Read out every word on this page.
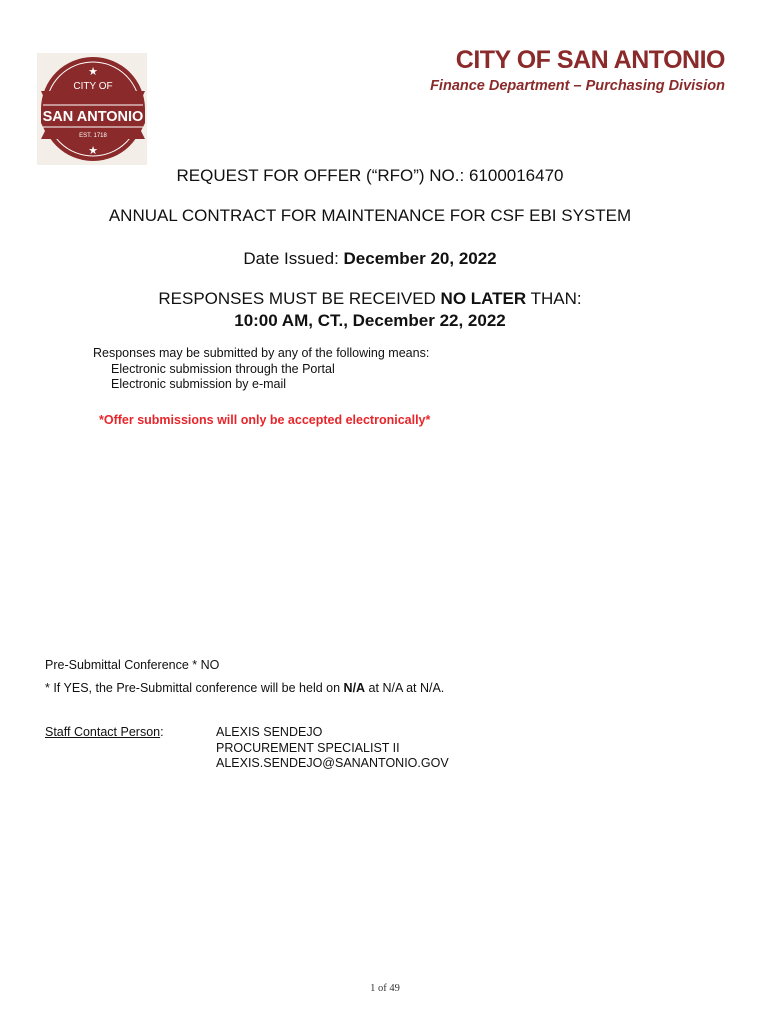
★
★
CITY OF
SAN ANTONIO
EST. 1718
CITY OF SAN ANTONIO
Finance Department – Purchasing Division
REQUEST FOR OFFER (“RFO”) NO.: 6100016470
ANNUAL CONTRACT FOR MAINTENANCE FOR CSF EBI SYSTEM
Date Issued: December 20, 2022
RESPONSES MUST BE RECEIVED NO LATER THAN:
10:00 AM, CT., December 22, 2022
Responses may be submitted by any of the following means:
Electronic submission through the Portal
Electronic submission by e-mail
*Offer submissions will only be accepted electronically*
Pre-Submittal Conference * NO
* If YES, the Pre-Submittal conference will be held on N/A at N/A at N/A.
Staff Contact Person:	ALEXIS SENDEJO
PROCUREMENT SPECIALIST II
ALEXIS.SENDEJO@SANANTONIO.GOV
1 of 49
